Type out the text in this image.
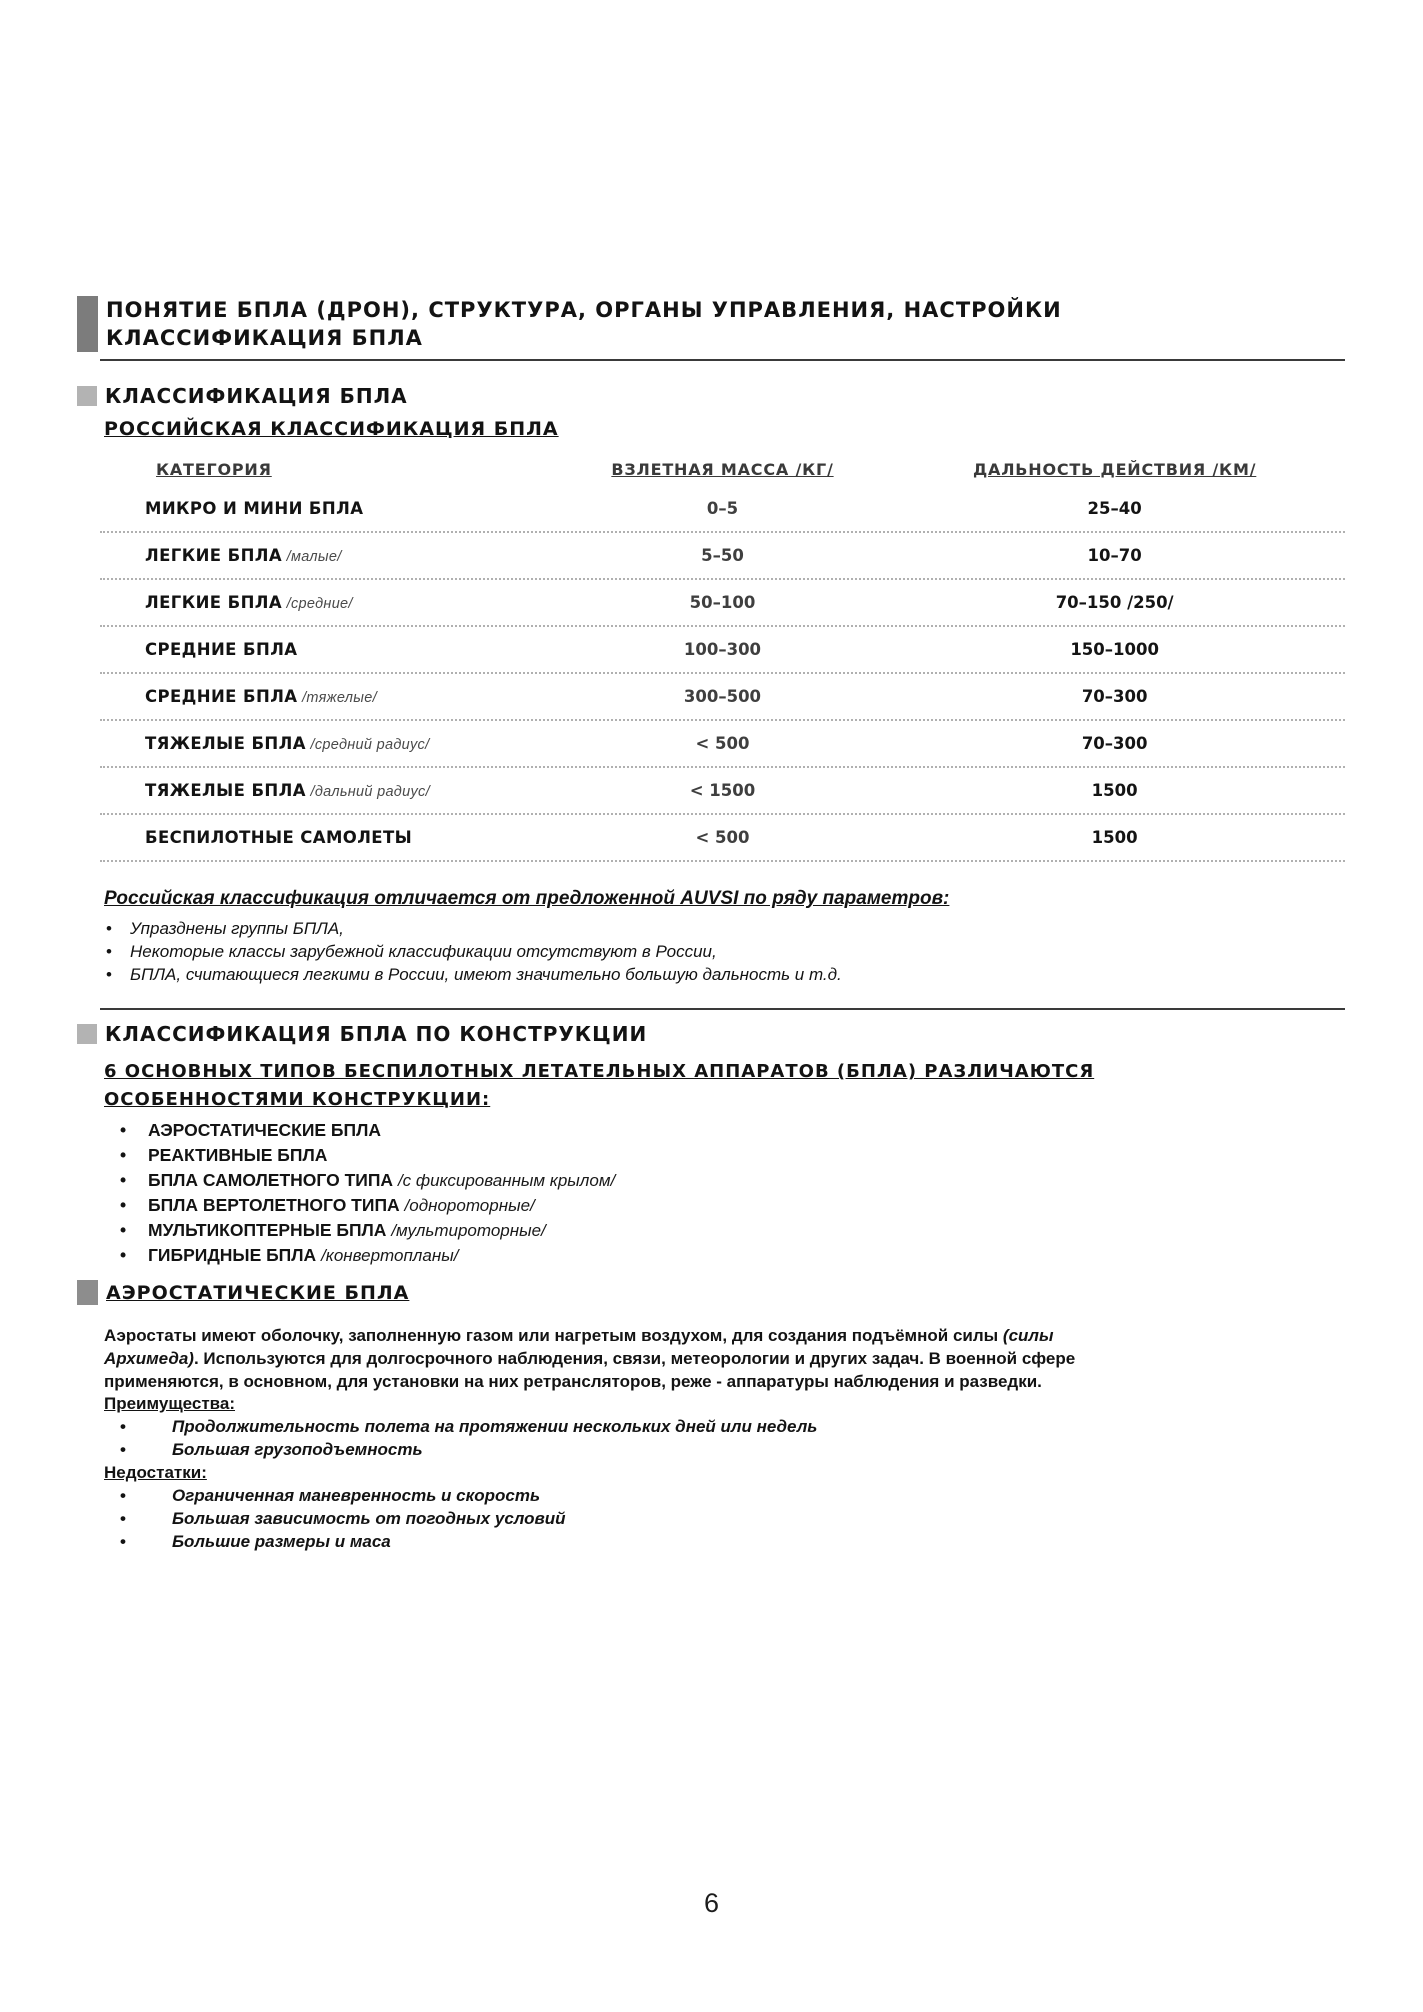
ПОНЯТИЕ БПЛА (ДРОН), СТРУКТУРА, ОРГАНЫ УПРАВЛЕНИЯ, НАСТРОЙКИ
КЛАССИФИКАЦИЯ БПЛА
КЛАССИФИКАЦИЯ БПЛА
РОССИЙСКАЯ КЛАССИФИКАЦИЯ БПЛА
КАТЕГОРИЯ	ВЗЛЕТНАЯ МАССА /КГ/	ДАЛЬНОСТЬ ДЕЙСТВИЯ /КМ/
МИКРО И МИНИ БПЛА	0–5	25–40
ЛЕГКИЕ БПЛА /малые/	5–50	10–70
ЛЕГКИЕ БПЛА /средние/	50–100	70–150 /250/
СРЕДНИЕ БПЛА	100–300	150–1000
СРЕДНИЕ БПЛА /тяжелые/	300–500	70–300
ТЯЖЕЛЫЕ БПЛА /средний радиус/	< 500	70–300
ТЯЖЕЛЫЕ БПЛА /дальний радиус/	< 1500	1500
БЕСПИЛОТНЫЕ САМОЛЕТЫ	< 500	1500
Российская классификация отличается от предложенной AUVSI по ряду параметров:
• Упразднены группы БПЛА,
• Некоторые классы зарубежной классификации отсутствуют в России,
• БПЛА, считающиеся легкими в России, имеют значительно большую дальность и т.д.
КЛАССИФИКАЦИЯ БПЛА ПО КОНСТРУКЦИИ
6 ОСНОВНЫХ ТИПОВ БЕСПИЛОТНЫХ ЛЕТАТЕЛЬНЫХ АППАРАТОВ (БПЛА) РАЗЛИЧАЮТСЯ
ОСОБЕННОСТЯМИ КОНСТРУКЦИИ:
• АЭРОСТАТИЧЕСКИЕ БПЛА
• РЕАКТИВНЫЕ БПЛА
• БПЛА САМОЛЕТНОГО ТИПА /с фиксированным крылом/
• БПЛА ВЕРТОЛЕТНОГО ТИПА /однороторные/
• МУЛЬТИКОПТЕРНЫЕ БПЛА /мультироторные/
• ГИБРИДНЫЕ БПЛА /конвертопланы/
АЭРОСТАТИЧЕСКИЕ БПЛА
Аэростаты имеют оболочку, заполненную газом или нагретым воздухом, для создания подъёмной силы (силы Архимеда). Используются для долгосрочного наблюдения, связи, метеорологии и других задач. В военной сфере применяются, в основном, для установки на них ретрансляторов, реже - аппаратуры наблюдения и разведки.
Преимущества:
•	Продолжительность полета на протяжении нескольких дней или недель
•	Большая грузоподъемность
Недостатки:
•	Ограниченная маневренность и скорость
•	Большая зависимость от погодных условий
•	Большие размеры и маса
6
